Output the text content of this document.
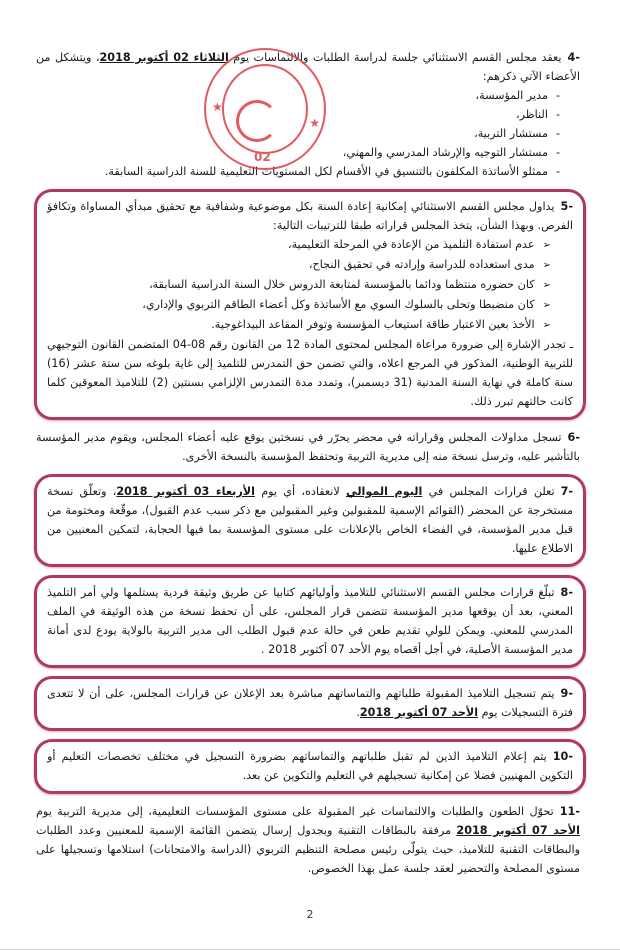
-4يعقد مجلس القسم الاستثنائي جلسة لدراسة الطلبات والالتماسات يوم الثلاثاء 02 أكتوبر 2018، ويتشكل من الأعضاء الآتي ذكرهم:

- مدير المؤسسة،
- الناظر،
- مستشار التربية،
- مستشار التوجيه والإرشاد المدرسي والمهني،
- ممثلو الأساتذة المكلفون بالتنسيق في الأقسام لكل المستويات التعليمية للسنة الدراسية السابقة.
★
★
02

-5يداول مجلس القسم الاستثنائي إمكانية إعادة السنة بكل موضوعية وشفافية مع تحقيق مبدأي المساواة وتكافؤ الفرص. وبهذا الشأن، يتخذ المجلس قراراته طبقا للترتيبات التالية:

➢عدم استفادة التلميذ من الإعادة في المرحلة التعليمية،
➢مدى استعداده للدراسة وإرادته في تحقيق النجاح،
➢كان حضوره منتظما ودائما بالمؤسسة لمتابعة الدروس خلال السنة الدراسية السابقة،
➢كان منضبطا وتحلى بالسلوك السوي مع الأساتذة وكل أعضاء الطاقم التربوي والإداري،
➢الأخذ بعين الاعتبار طاقة استيعاب المؤسسة وتوفر المقاعد البيداغوجية.

ـ تجدر الإشارة إلى ضرورة مراعاة المجلس لمحتوى المادة 12 من القانون رقم 08-04 المتضمن القانون التوجيهي للتربية الوطنية، المذكور في المرجع اعلاه، والتي تضمن حق التمدرس للتلميذ إلى غاية بلوغه سن ستة عشر (16) سنة كاملة في نهاية السنة المدنية (31 ديسمبر)، وتمدد مدة التمدرس الإلزامي بسنتين (2) للتلاميذ المعوقين كلما كانت حالتهم تبرر ذلك.

-6تسجل مداولات المجلس وقراراته في محضر يحرّر في نسختين يوقع عليه أعضاء المجلس، ويقوم مدير المؤسسة بالتأشير عليه، وترسل نسخة منه إلى مديرية التربية وتحتفظ المؤسسة بالنسخة الأخرى.

-7تعلن قرارات المجلس في اليوم الموالي لانعقاده، أي يوم الأربعاء 03 أكتوبر 2018، وتعلّق نسخة مستخرجة عن المحضر (القوائم الإسمية للمقبولين وغير المقبولين مع ذكر سبب عدم القبول)، موقّعة ومختومة من قبل مدير المؤسسة، في الفضاء الخاص بالإعلانات على مستوى المؤسسة بما فيها الحجابة، لتمكين المعنيين من الاطلاع عليها.

-8تبلّغ قرارات مجلس القسم الاستثنائي للتلاميذ وأوليائهم كتابيا عن طريق وثيقة فردية يستلمها ولي أمر التلميذ المعني، بعد أن يوقعها مدير المؤسسة تتضمن قرار المجلس، على أن تحفظ نسخة من هذه الوثيقة في الملف المدرسي للمعني. ويمكن للولي تقديم طعن في حالة عدم قبول الطلب الى مدير التربية بالولاية يودع لدى أمانة مدير المؤسسة الأصلية، في أجل أقصاه يوم الأحد 07 أكتوبر 2018 .

-9يتم تسجيل التلاميذ المقبولة طلباتهم والتماساتهم مباشرة بعد الإعلان عن قرارات المجلس، على أن لا تتعدى فترة التسجيلات يوم الأحد 07 أكتوبر 2018.

-10يتم إعلام التلاميذ الذين لم تقبل طلباتهم والتماساتهم بضرورة التسجيل في مختلف تخصصات التعليم أو التكوين المهنيين فضلا عن إمكانية تسجيلهم في التعليم والتكوين عن بعد.

-11تحوّل الطعون والطلبات والالتماسات غير المقبولة على مستوى المؤسسات التعليمية، إلى مديرية التربية يوم الأحد 07 أكتوبر 2018 مرفقة بالبطاقات التقنية وبجدول إرسال يتضمن القائمة الإسمية للمعنيين وعدد الطلبات والبطاقات التقنية للتلاميذ، حيث يتولّى رئيس مصلحة التنظيم التربوي (الدراسة والامتحانات) استلامها وتسجيلها على مستوى المصلحة والتحضير لعقد جلسة عمل بهذا الخصوص.

2
